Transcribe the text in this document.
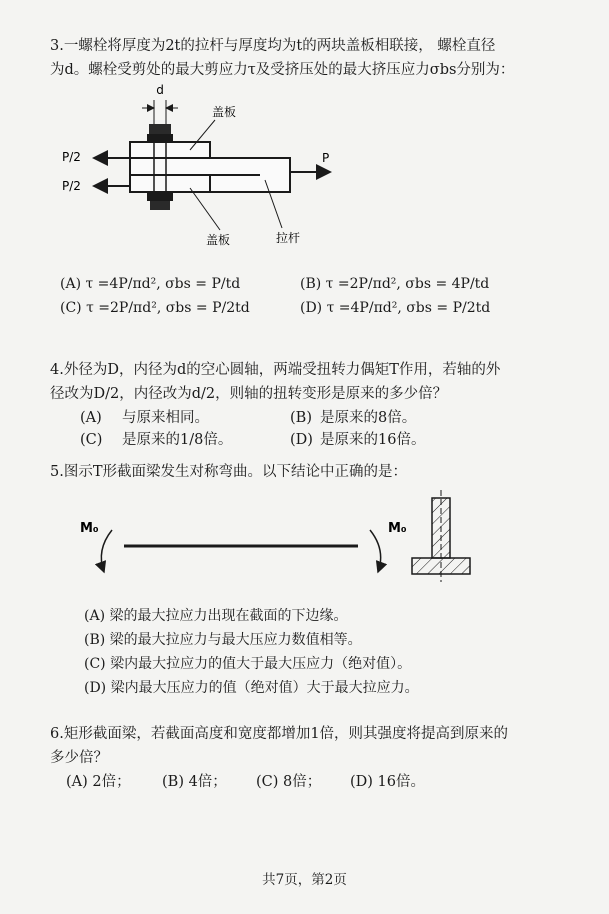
3.一螺栓将厚度为2t的拉杆与厚度均为t的两块盖板相联接， 螺栓直径
为d。螺栓受剪处的最大剪应力τ及受挤压处的最大挤压应力σbs分别为：
d
P/2
P/2
P
盖板
盖板	拉杆
(A) τ =4P/πd², σbs = P/td	(B) τ =2P/πd², σbs = 4P/td
(C) τ =2P/πd², σbs = P/2td	(D) τ =4P/πd², σbs = P/2td
4.外径为D，内径为d的空心圆轴，两端受扭转力偶矩T作用，若轴的外
径改为D/2，内径改为d/2，则轴的扭转变形是原来的多少倍？
(A) 与原来相同。	(B) 是原来的8倍。
(C) 是原来的1/8倍。	(D) 是原来的16倍。
5.图示T形截面梁发生对称弯曲。以下结论中正确的是：
M₀	M₀
(A) 梁的最大拉应力出现在截面的下边缘。
(B) 梁的最大拉应力与最大压应力数值相等。
(C) 梁内最大拉应力的值大于最大压应力（绝对值）。
(D) 梁内最大压应力的值（绝对值）大于最大拉应力。
6.矩形截面梁，若截面高度和宽度都增加1倍，则其强度将提高到原来的
多少倍？
(A) 2倍； (B) 4倍； (C) 8倍； (D) 16倍。
共7页，第2页
